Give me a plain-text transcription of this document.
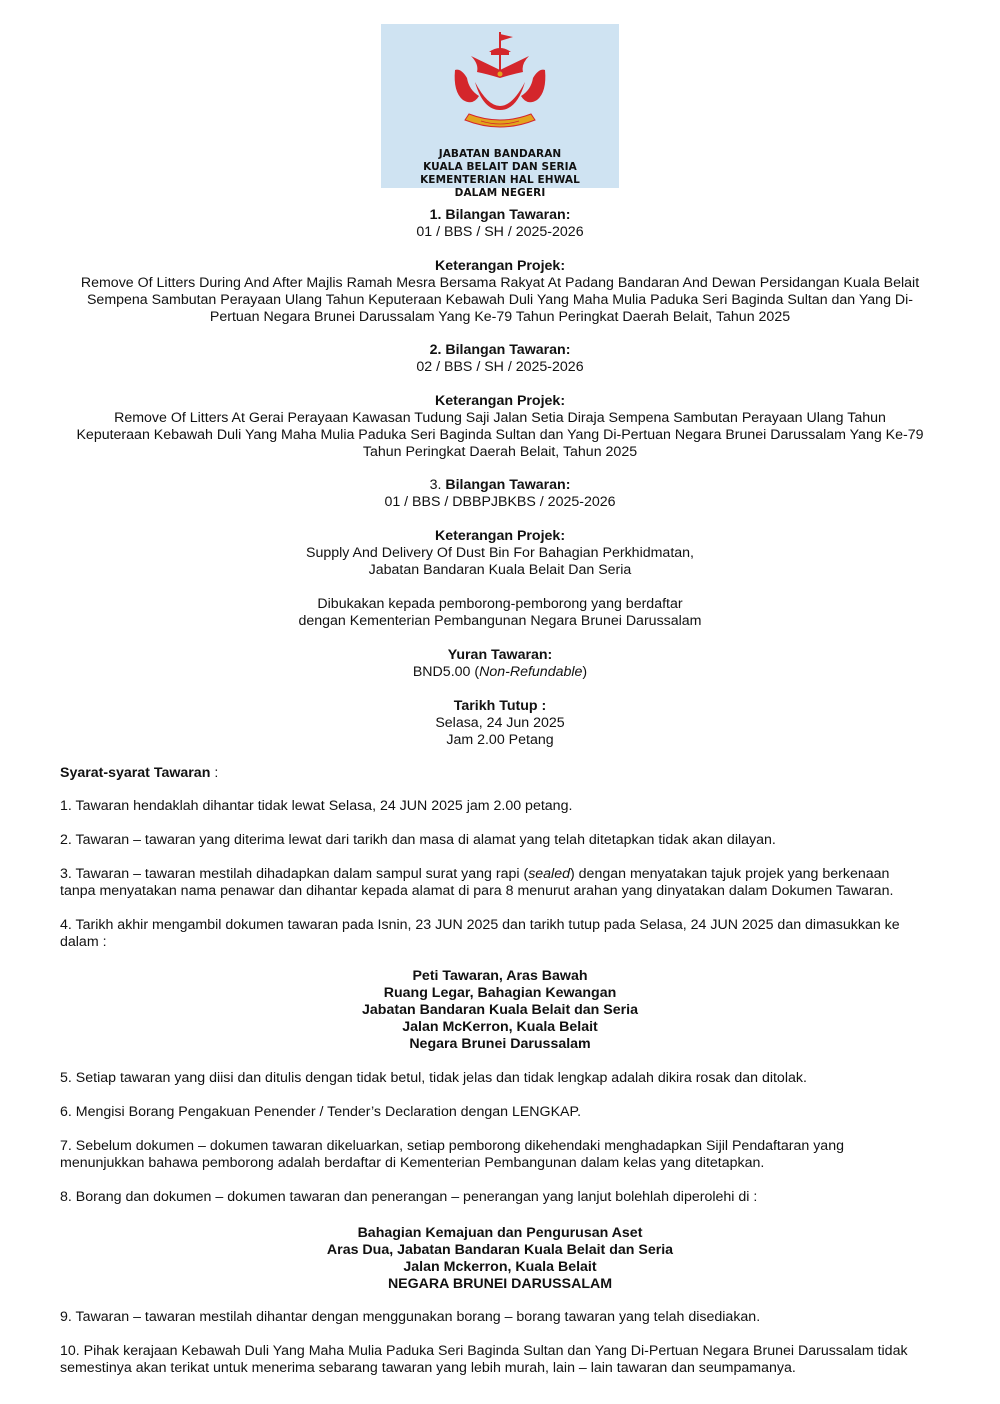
JABATAN BANDARAN
KUALA BELAIT DAN SERIA
KEMENTERIAN HAL EHWAL
DALAM NEGERI
1. Bilangan Tawaran:
01 / BBS / SH / 2025-2026
Keterangan Projek:
Remove Of Litters During And After Majlis Ramah Mesra Bersama Rakyat At Padang Bandaran And Dewan Persidangan Kuala Belait
Sempena Sambutan Perayaan Ulang Tahun Keputeraan Kebawah Duli Yang Maha Mulia Paduka Seri Baginda Sultan dan Yang Di-
Pertuan Negara Brunei Darussalam Yang Ke-79 Tahun Peringkat Daerah Belait, Tahun 2025
2. Bilangan Tawaran:
02 / BBS / SH / 2025-2026
Keterangan Projek:
Remove Of Litters At Gerai Perayaan Kawasan Tudung Saji Jalan Setia Diraja Sempena Sambutan Perayaan Ulang Tahun
Keputeraan Kebawah Duli Yang Maha Mulia Paduka Seri Baginda Sultan dan Yang Di-Pertuan Negara Brunei Darussalam Yang Ke-79
Tahun Peringkat Daerah Belait, Tahun 2025
3. Bilangan Tawaran:
01 / BBS / DBBPJBKBS / 2025-2026
Keterangan Projek:
Supply And Delivery Of Dust Bin For Bahagian Perkhidmatan,
Jabatan Bandaran Kuala Belait Dan Seria
Dibukakan kepada pemborong-pemborong yang berdaftar
dengan Kementerian Pembangunan Negara Brunei Darussalam
Yuran Tawaran:
BND5.00 (Non-Refundable)
Tarikh Tutup :
Selasa, 24 Jun 2025
Jam 2.00 Petang
Syarat-syarat Tawaran :
1. Tawaran hendaklah dihantar tidak lewat Selasa, 24 JUN 2025 jam 2.00 petang.
2. Tawaran – tawaran yang diterima lewat dari tarikh dan masa di alamat yang telah ditetapkan tidak akan dilayan.
3. Tawaran – tawaran mestilah dihadapkan dalam sampul surat yang rapi (sealed) dengan menyatakan tajuk projek yang berkenaan
tanpa menyatakan nama penawar dan dihantar kepada alamat di para 8 menurut arahan yang dinyatakan dalam Dokumen Tawaran.
4. Tarikh akhir mengambil dokumen tawaran pada Isnin, 23 JUN 2025 dan tarikh tutup pada Selasa, 24 JUN 2025 dan dimasukkan ke
dalam :
Peti Tawaran, Aras Bawah
Ruang Legar, Bahagian Kewangan
Jabatan Bandaran Kuala Belait dan Seria
Jalan McKerron, Kuala Belait
Negara Brunei Darussalam
5. Setiap tawaran yang diisi dan ditulis dengan tidak betul, tidak jelas dan tidak lengkap adalah dikira rosak dan ditolak.
6. Mengisi Borang Pengakuan Penender / Tender’s Declaration dengan LENGKAP.
7. Sebelum dokumen – dokumen tawaran dikeluarkan, setiap pemborong dikehendaki menghadapkan Sijil Pendaftaran yang
menunjukkan bahawa pemborong adalah berdaftar di Kementerian Pembangunan dalam kelas yang ditetapkan.
8. Borang dan dokumen – dokumen tawaran dan penerangan – penerangan yang lanjut bolehlah diperolehi di :
Bahagian Kemajuan dan Pengurusan Aset
Aras Dua, Jabatan Bandaran Kuala Belait dan Seria
Jalan Mckerron, Kuala Belait
NEGARA BRUNEI DARUSSALAM
9. Tawaran – tawaran mestilah dihantar dengan menggunakan borang – borang tawaran yang telah disediakan.
10. Pihak kerajaan Kebawah Duli Yang Maha Mulia Paduka Seri Baginda Sultan dan Yang Di-Pertuan Negara Brunei Darussalam tidak
semestinya akan terikat untuk menerima sebarang tawaran yang lebih murah, lain – lain tawaran dan seumpamanya.
